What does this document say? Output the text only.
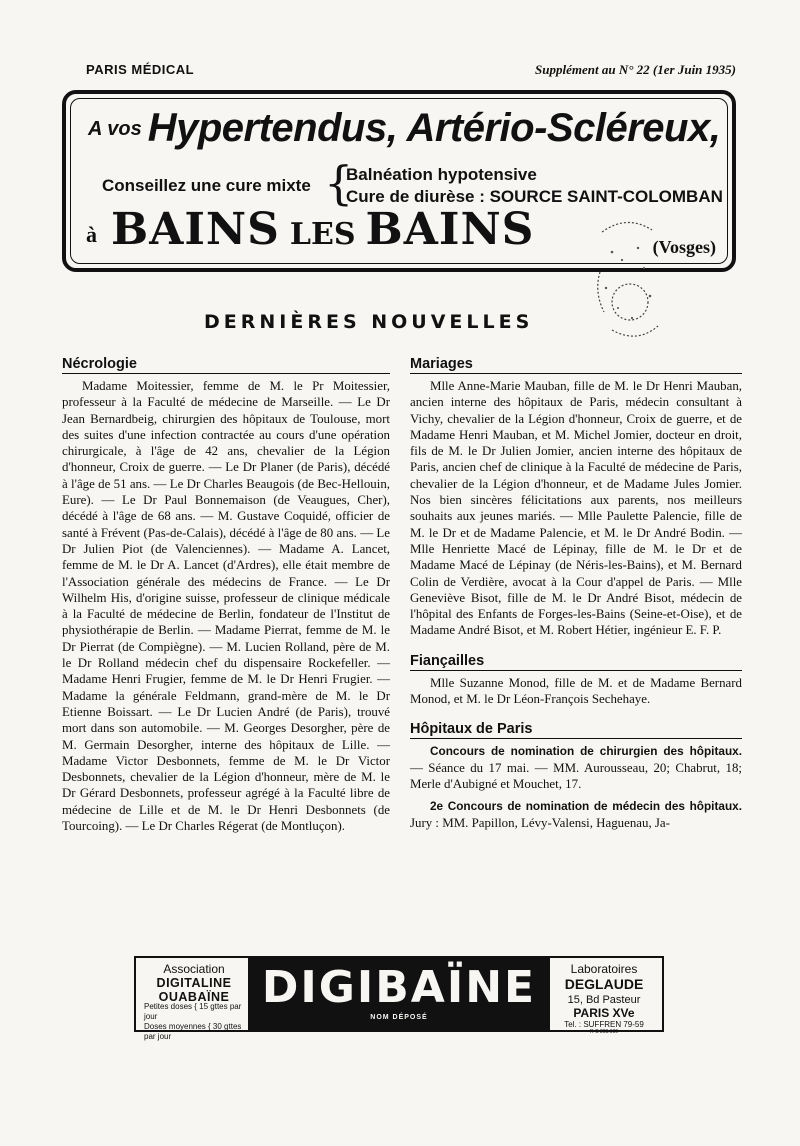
PARIS MÉDICAL	Supplément au N° 22 (1er Juin 1935)
A vos Hypertendus, Artério-Scléreux,
Conseillez une cure mixte {
Balnéation hypotensive
Cure de diurèse : SOURCE SAINT-COLOMBAN
à BAINS LES BAINS	(Vosges)
DERNIÈRES NOUVELLES
Nécrologie

Madame Moitessier, femme de M. le Pr Moitessier, professeur à la Faculté de médecine de Marseille. — Le Dr Jean Bernardbeig, chirurgien des hôpitaux de Toulouse, mort des suites d'une infection contractée au cours d'une opération chirurgicale, à l'âge de 42 ans, chevalier de la Légion d'honneur, Croix de guerre. — Le Dr Planer (de Paris), décédé à l'âge de 51 ans. — Le Dr Charles Beaugois (de Bec-Hellouin, Eure). — Le Dr Paul Bonnemaison (de Veaugues, Cher), décédé à l'âge de 68 ans. — M. Gustave Coquidé, officier de santé à Frévent (Pas-de-Calais), décédé à l'âge de 80 ans. — Le Dr Julien Piot (de Valenciennes). — Madame A. Lancet, femme de M. le Dr A. Lancet (d'Ardres), elle était membre de l'Association générale des médecins de France. — Le Dr Wilhelm His, d'origine suisse, professeur de clinique médicale à la Faculté de médecine de Berlin, fondateur de l'Institut de physiothérapie de Berlin. — Madame Pierrat, femme de M. le Dr Pierrat (de Compiègne). — M. Lucien Rolland, père de M. le Dr Rolland médecin chef du dispensaire Rockefeller. — Madame Henri Frugier, femme de M. le Dr Henri Frugier. — Madame la générale Feldmann, grand-mère de M. le Dr Etienne Boissart. — Le Dr Lucien André (de Paris), trouvé mort dans son automobile. — M. Georges Desorgher, père de M. Germain Desorgher, interne des hôpitaux de Lille. — Madame Victor Desbonnets, femme de M. le Dr Victor Desbonnets, chevalier de la Légion d'honneur, mère de M. le Dr Gérard Desbonnets, professeur agrégé à la Faculté libre de médecine de Lille et de M. le Dr Henri Desbonnets (de Tourcoing). — Le Dr Charles Régerat (de Montluçon).

Mariages

Mlle Anne-Marie Mauban, fille de M. le Dr Henri Mauban, ancien interne des hôpitaux de Paris, médecin consultant à Vichy, chevalier de la Légion d'honneur, Croix de guerre, et de Madame Henri Mauban, et M. Michel Jomier, docteur en droit, fils de M. le Dr Julien Jomier, ancien interne des hôpitaux de Paris, ancien chef de clinique à la Faculté de médecine de Paris, chevalier de la Légion d'honneur, et de Madame Jules Jomier. Nos bien sincères félicitations aux parents, nos meilleurs souhaits aux jeunes mariés. — Mlle Paulette Palencie, fille de M. le Dr et de Madame Palencie, et M. le Dr André Bodin. — Mlle Henriette Macé de Lépinay, fille de M. le Dr et de Madame Macé de Lépinay (de Néris-les-Bains), et M. Bernard Colin de Verdière, avocat à la Cour d'appel de Paris. — Mlle Geneviève Bisot, fille de M. le Dr André Bisot, médecin de l'hôpital des Enfants de Forges-les-Bains (Seine-et-Oise), et de Madame André Bisot, et M. Robert Hétier, ingénieur E. F. P.

Fiançailles

Mlle Suzanne Monod, fille de M. et de Madame Bernard Monod, et M. le Dr Léon-François Sechehaye.

Hôpitaux de Paris

Concours de nomination de chirurgien des hôpitaux. — Séance du 17 mai. — MM. Aurousseau, 20; Chabrut, 18; Merle d'Aubigné et Mouchet, 17.

2e Concours de nomination de médecin des hôpitaux. Jury : MM. Papillon, Lévy-Valensi, Haguenau, Ja-

Association
DIGITALINE
OUABAÏNE
Petites doses { 15 gttes par jour
Doses moyennes { 30 gttes par jour
DIGIBAÏNE
NOM DÉPOSÉ
Laboratoires
DEGLAUDE
15, Bd Pasteur
PARIS XVe
Tel. : SUFFREN 79-59
R C 203.600
